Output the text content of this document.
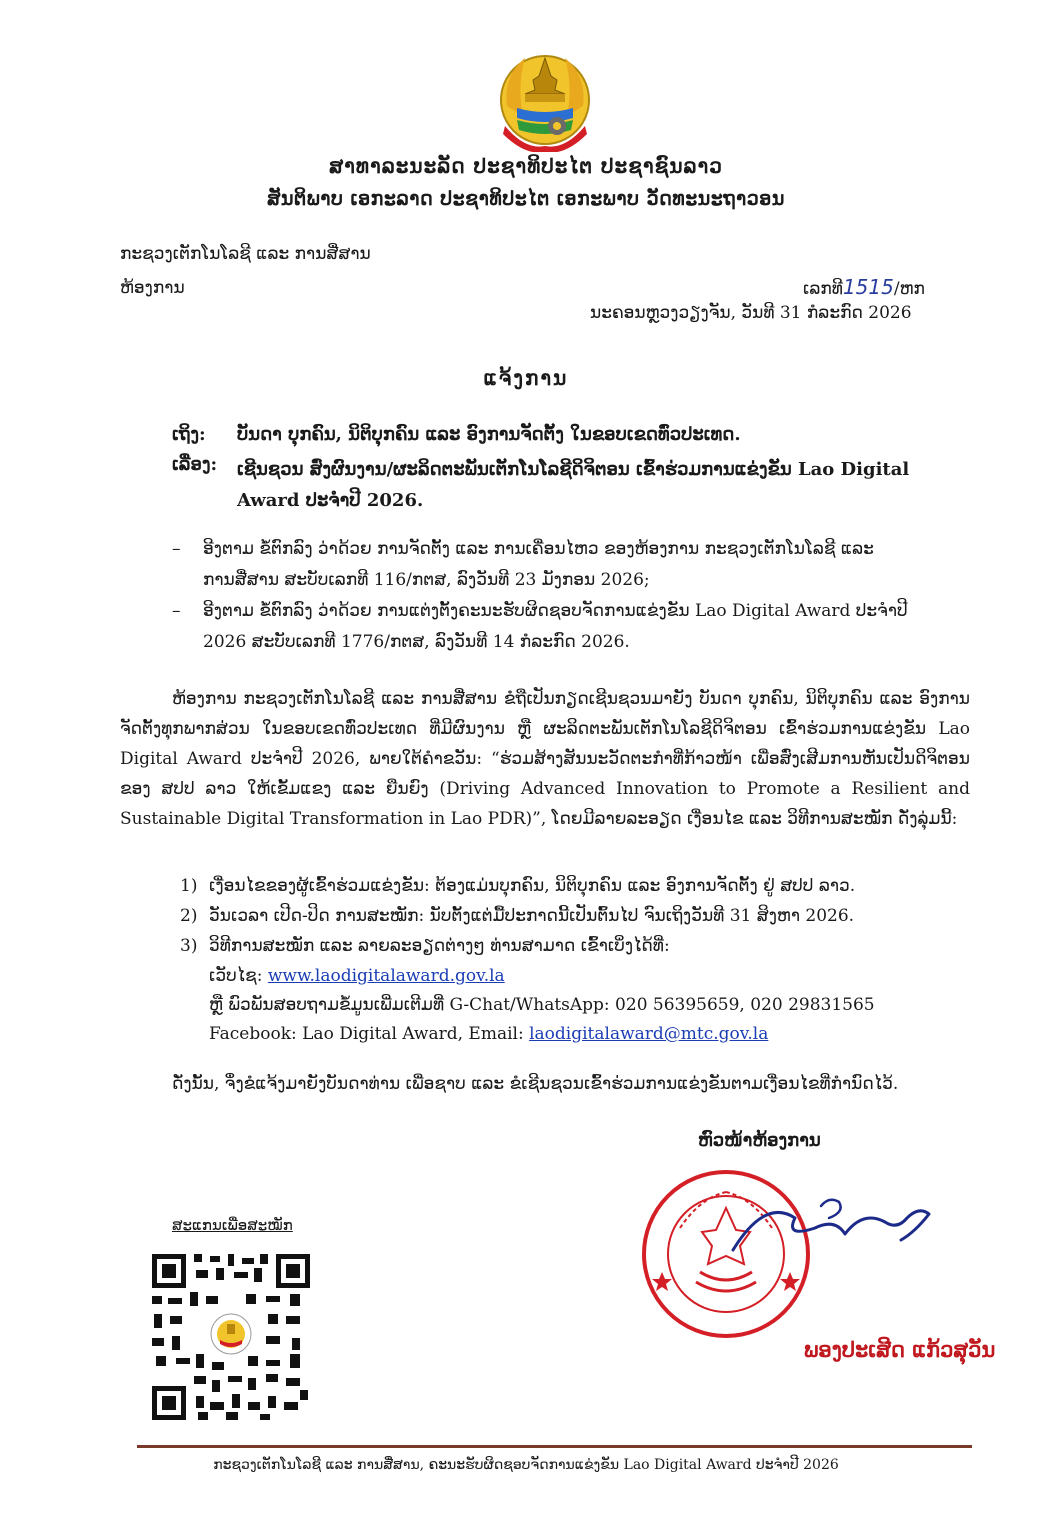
ສາທາລະນະລັດ ປະຊາທິປະໄຕ ປະຊາຊົນລາວ
ສັນຕິພາບ ເອກະລາດ ປະຊາທິປະໄຕ ເອກະພາບ ວັດທະນະຖາວອນ
ກະຊວງເຕັກໂນໂລຊີ ແລະ ການສື່ສານ
ຫ້ອງການ	ເລກທີ1515/ຫກ
ນະຄອນຫຼວງວຽງຈັນ, ວັນທີ 31 ກໍລະກົດ 2026
ແຈ້ງການ
ເຖິງ: ບັນດາ ບຸກຄົນ, ນິຕິບຸກຄົນ ແລະ ອົງການຈັດຕັ້ງ ໃນຂອບເຂດທົ່ວປະເທດ.
ເລື່ອງ: ເຊີນຊວນ ສົ່ງຜົນງານ/ຜະລິດຕະພັນເຕັກໂນໂລຊີດິຈິຕອນ ເຂົ້າຮ່ວມການແຂ່ງຂັນ Lao Digital Award ປະຈໍາປີ 2026.
– ອີງຕາມ ຂໍ້ຕົກລົງ ວ່າດ້ວຍ ການຈັດຕັ້ງ ແລະ ການເຄື່ອນໄຫວ ຂອງຫ້ອງການ ກະຊວງເຕັກໂນໂລຊີ ແລະ
ການສື່ສານ ສະບັບເລກທີ 116/ກຕສ, ລົງວັນທີ 23 ມັງກອນ 2026;
– ອີງຕາມ ຂໍ້ຕົກລົງ ວ່າດ້ວຍ ການແຕ່ງຕັ້ງຄະນະຮັບຜິດຊອບຈັດການແຂ່ງຂັນ Lao Digital Award ປະຈໍາປີ
2026 ສະບັບເລກທີ 1776/ກຕສ, ລົງວັນທີ 14 ກໍລະກົດ 2026.
ຫ້ອງການ ກະຊວງເຕັກໂນໂລຊີ ແລະ ການສື່ສານ ຂໍຖືເປັນກຽດເຊີນຊວນມາຍັງ ບັນດາ ບຸກຄົນ, ນິຕິບຸກຄົນ ແລະ ອົງການຈັດຕັ້ງທຸກພາກສ່ວນ ໃນຂອບເຂດທົ່ວປະເທດ ທີ່ມີຜົນງານ ຫຼື ຜະລິດຕະພັນເຕັກໂນໂລຊີດິຈິຕອນ ເຂົ້າຮ່ວມການແຂ່ງຂັນ Lao Digital Award ປະຈໍາປີ 2026, ພາຍໃຕ້ຄໍາຂວັນ: “ຮ່ວມສ້າງສັນນະວັດຕະກໍາທີ່ກ້າວໜ້າ ເພື່ອສົ່ງເສີມການຫັນເປັນດິຈິຕອນ ຂອງ ສປປ ລາວ ໃຫ້ເຂັ້ມແຂງ ແລະ ຍືນຍົງ (Driving Advanced Innovation to Promote a Resilient and Sustainable Digital Transformation in Lao PDR)”, ໂດຍມີລາຍລະອຽດ ເງື່ອນໄຂ ແລະ ວິທີການສະໝັກ ດັ່ງລຸ່ມນີ້:
1) ເງື່ອນໄຂຂອງຜູ້ເຂົ້າຮ່ວມແຂ່ງຂັນ: ຕ້ອງແມ່ນບຸກຄົນ, ນິຕິບຸກຄົນ ແລະ ອົງການຈັດຕັ້ງ ຢູ່ ສປປ ລາວ.
2) ວັນເວລາ ເປີດ-ປິດ ການສະໝັກ: ນັບຕັ້ງແຕ່ມື້ປະກາດນີ້ເປັນຕົ້ນໄປ ຈົນເຖິງວັນທີ 31 ສິງຫາ 2026.
3) ວິທີການສະໝັກ ແລະ ລາຍລະອຽດຕ່າງໆ ທ່ານສາມາດ ເຂົ້າເບິ່ງໄດ້ທີ່:
ເວັບໄຊ: www.laodigitalaward.gov.la
ຫຼື ພົວພັນສອບຖາມຂໍ້ມູນເພີ່ມເຕີມທີ່ G-Chat/WhatsApp: 020 56395659, 020 29831565
Facebook: Lao Digital Award, Email: laodigitalaward@mtc.gov.la
ດັ່ງນັ້ນ, ຈຶ່ງຂໍແຈ້ງມາຍັງບັນດາທ່ານ ເພື່ອຊາບ ແລະ ຂໍເຊີນຊວນເຂົ້າຮ່ວມການແຂ່ງຂັນຕາມເງື່ອນໄຂທີ່ກໍານົດໄວ້.
ຫົວໜ້າຫ້ອງການ
ພອງປະເສີດ ແກ້ວສຸວັນ
ສະແກນເພື່ອສະໝັກ
ກະຊວງເຕັກໂນໂລຊີ ແລະ ການສື່ສານ, ຄະນະຮັບຜິດຊອບຈັດການແຂ່ງຂັນ Lao Digital Award ປະຈໍາປີ 2026
